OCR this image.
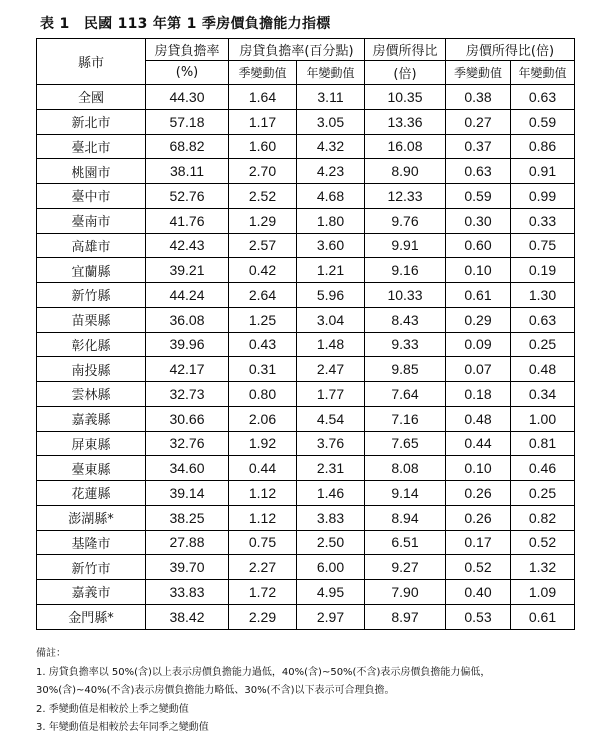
表 1　民國 113 年第 1 季房價負擔能力指標
縣市	房貸負擔率	房貸負擔率(百分點)		房價所得比	房價所得比(倍)	
	(%)	季變動值	年變動值	(倍)	季變動值	年變動值
全國	44.30	1.64	3.11	10.35	0.38	0.63
新北市	57.18	1.17	3.05	13.36	0.27	0.59
臺北市	68.82	1.60	4.32	16.08	0.37	0.86
桃園市	38.11	2.70	4.23	8.90	0.63	0.91
臺中市	52.76	2.52	4.68	12.33	0.59	0.99
臺南市	41.76	1.29	1.80	9.76	0.30	0.33
高雄市	42.43	2.57	3.60	9.91	0.60	0.75
宜蘭縣	39.21	0.42	1.21	9.16	0.10	0.19
新竹縣	44.24	2.64	5.96	10.33	0.61	1.30
苗栗縣	36.08	1.25	3.04	8.43	0.29	0.63
彰化縣	39.96	0.43	1.48	9.33	0.09	0.25
南投縣	42.17	0.31	2.47	9.85	0.07	0.48
雲林縣	32.73	0.80	1.77	7.64	0.18	0.34
嘉義縣	30.66	2.06	4.54	7.16	0.48	1.00
屏東縣	32.76	1.92	3.76	7.65	0.44	0.81
臺東縣	34.60	0.44	2.31	8.08	0.10	0.46
花蓮縣	39.14	1.12	1.46	9.14	0.26	0.25
澎湖縣*	38.25	1.12	3.83	8.94	0.26	0.82
基隆市	27.88	0.75	2.50	6.51	0.17	0.52
新竹市	39.70	2.27	6.00	9.27	0.52	1.32
嘉義市	33.83	1.72	4.95	7.90	0.40	1.09
金門縣*	38.42	2.29	2.97	8.97	0.53	0.61
備註：
1. 房貸負擔率以 50%(含)以上表示房價負擔能力過低，40%(含)~50%(不含)表示房價負擔能力偏低，
30%(含)~40%(不含)表示房價負擔能力略低、30%(不含)以下表示可合理負擔。
2. 季變動值是相較於上季之變動值
3. 年變動值是相較於去年同季之變動值
